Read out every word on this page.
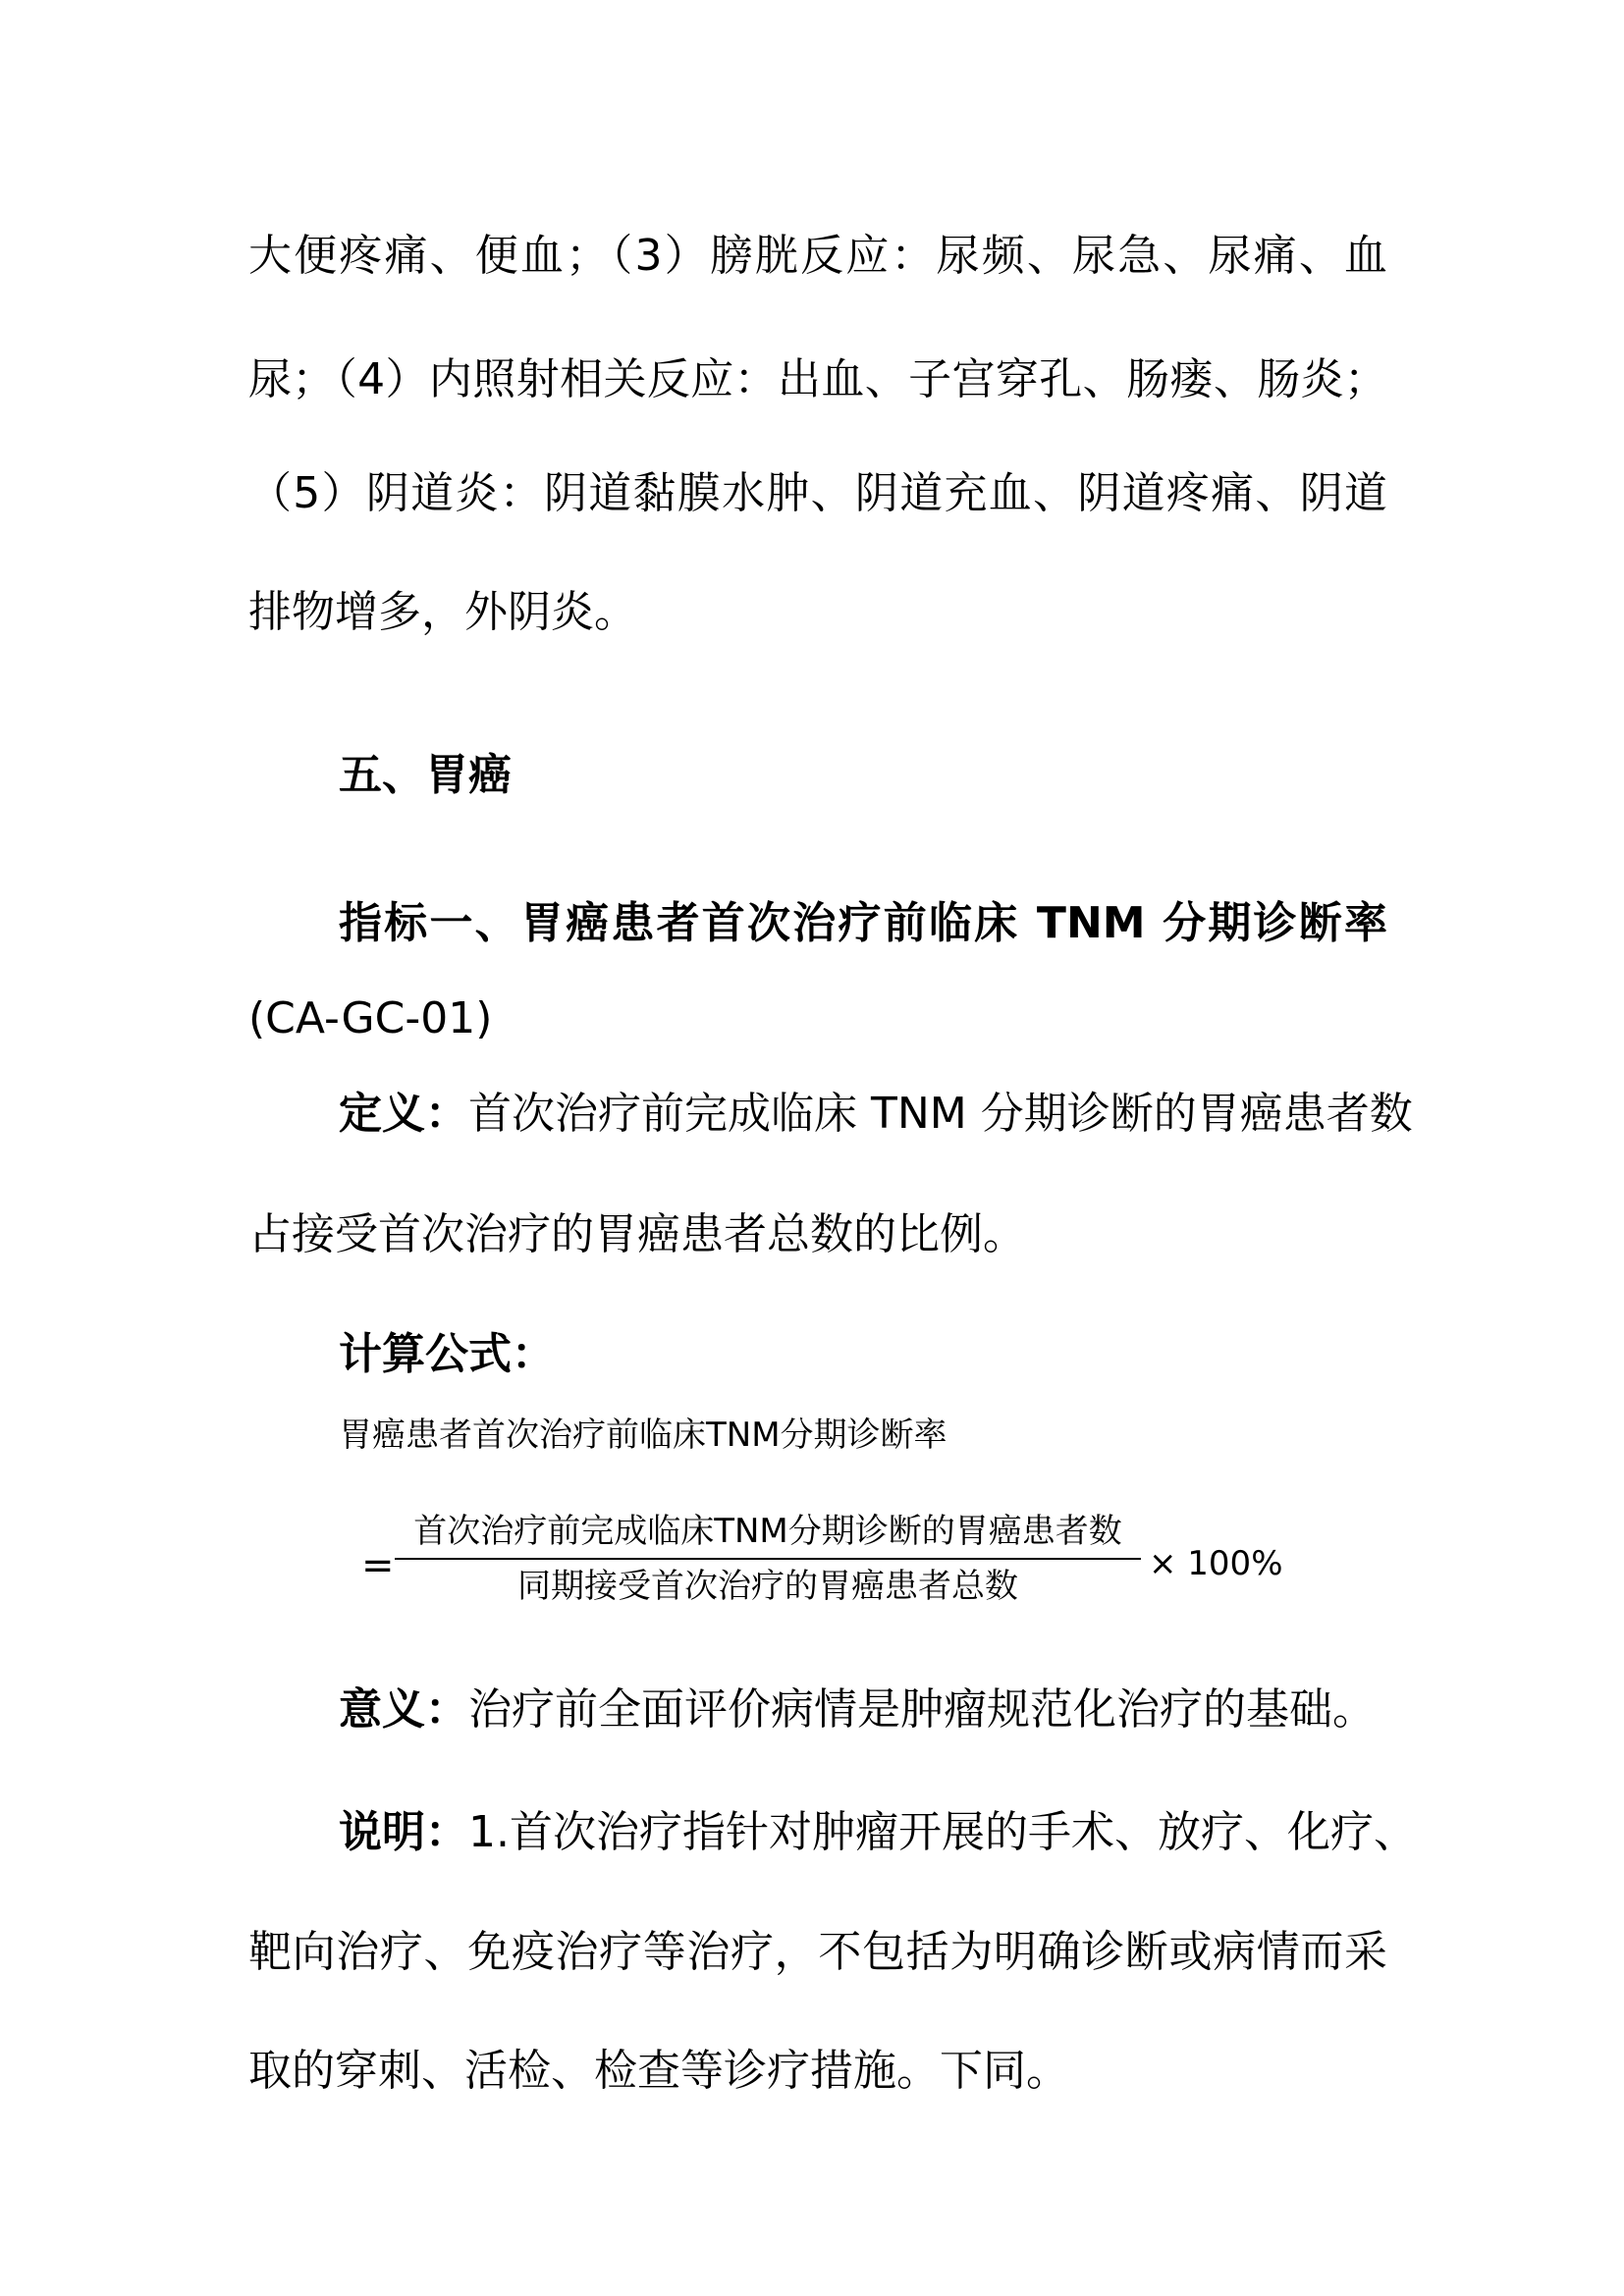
大便疼痛、便血；（3）膀胱反应：尿频、尿急、尿痛、血
尿；（4）内照射相关反应：出血、子宫穿孔、肠瘘、肠炎；
（5）阴道炎：阴道黏膜水肿、阴道充血、阴道疼痛、阴道
排物增多，外阴炎。
五、胃癌
指标一、胃癌患者首次治疗前临床 TNM 分期诊断率
(CA-GC-01)
定义：首次治疗前完成临床 TNM 分期诊断的胃癌患者数
占接受首次治疗的胃癌患者总数的比例。
计算公式：
胃癌患者首次治疗前临床TNM分期诊断率
=
首次治疗前完成临床TNM分期诊断的胃癌患者数
同期接受首次治疗的胃癌患者总数
× 100%
意义：治疗前全面评价病情是肿瘤规范化治疗的基础。
说明：1.首次治疗指针对肿瘤开展的手术、放疗、化疗、
靶向治疗、免疫治疗等治疗，不包括为明确诊断或病情而采
取的穿刺、活检、检查等诊疗措施。下同。
